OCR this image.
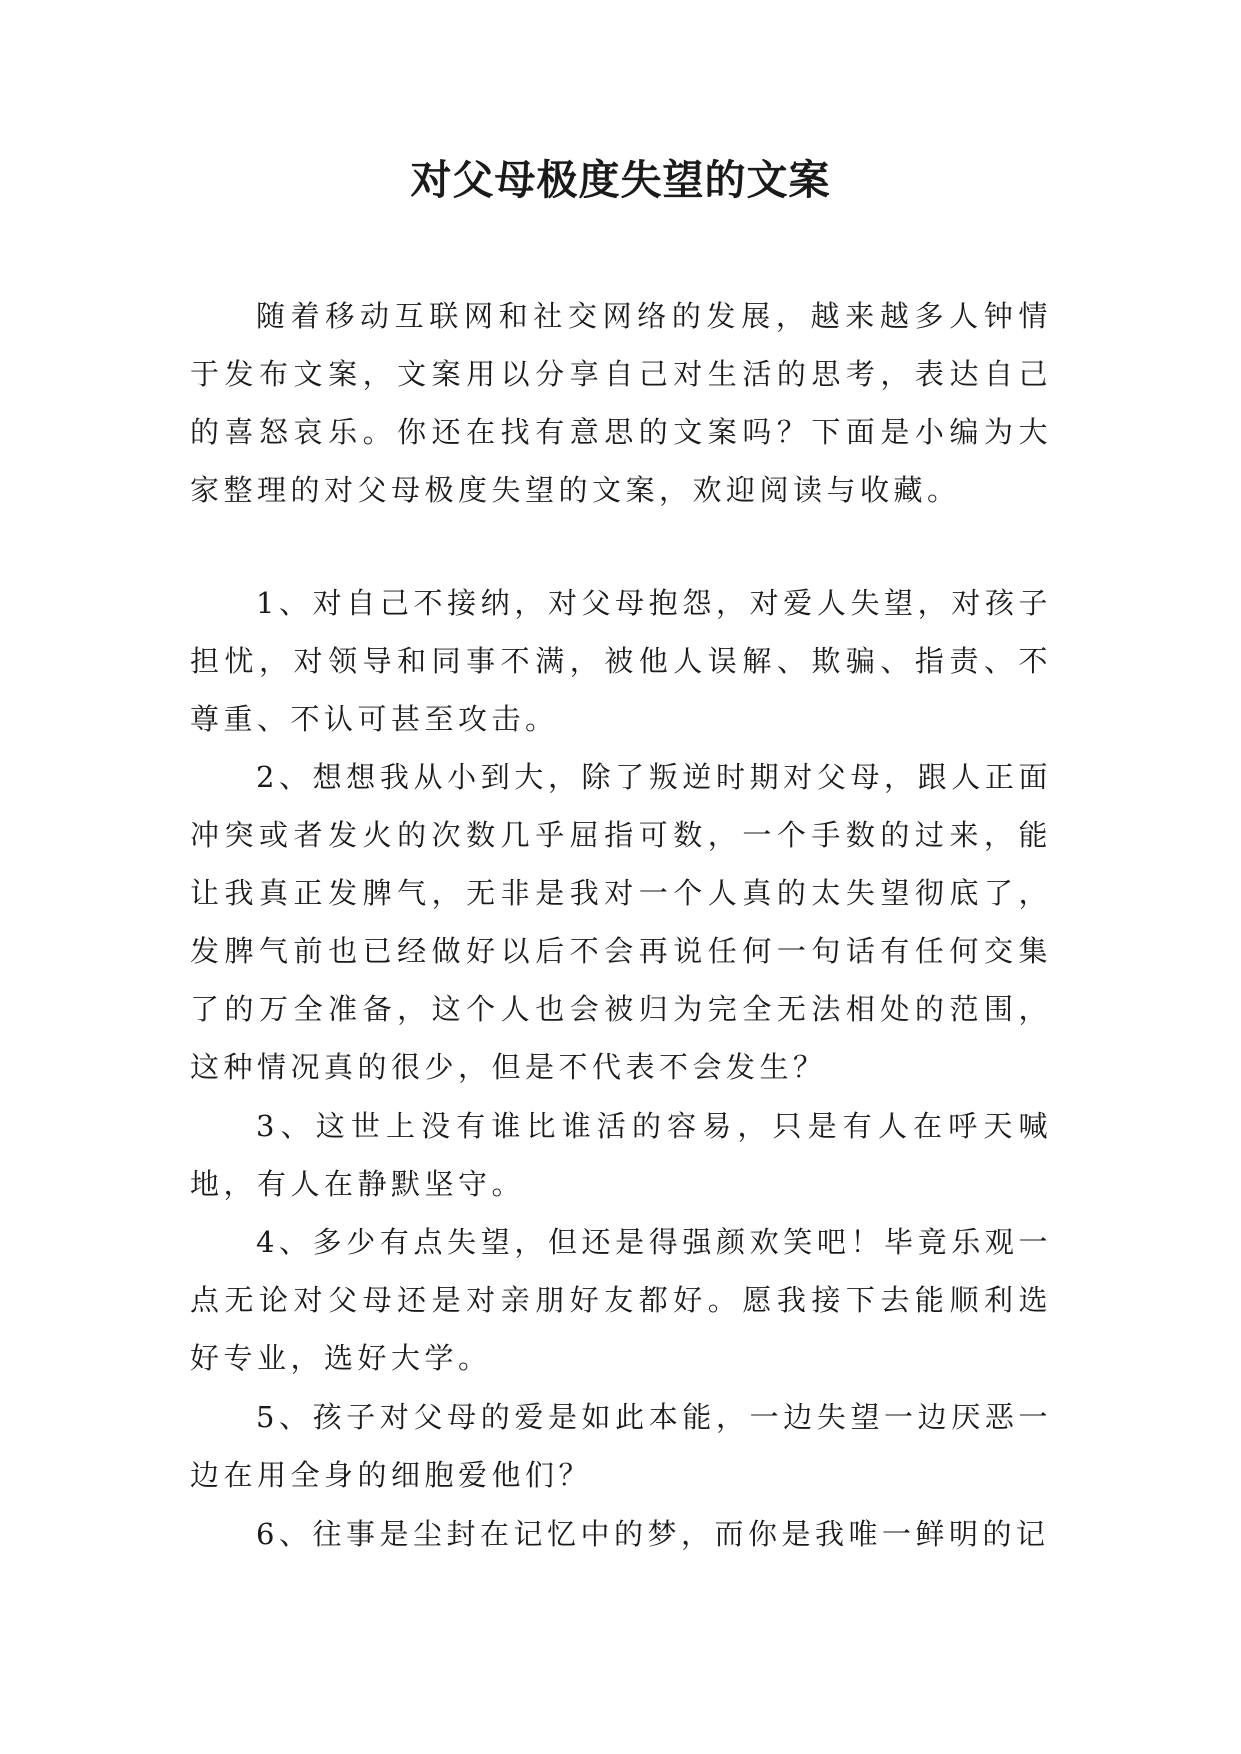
对父母极度失望的文案

随着移动互联网和社交网络的发展，越来越多人钟情于发布文案，文案用以分享自己对生活的思考，表达自己的喜怒哀乐。你还在找有意思的文案吗？下面是小编为大家整理的对父母极度失望的文案，欢迎阅读与收藏。

1、对自己不接纳，对父母抱怨，对爱人失望，对孩子担忧，对领导和同事不满，被他人误解、欺骗、指责、不尊重、不认可甚至攻击。

2、想想我从小到大，除了叛逆时期对父母，跟人正面冲突或者发火的次数几乎屈指可数，一个手数的过来，能让我真正发脾气，无非是我对一个人真的太失望彻底了，发脾气前也已经做好以后不会再说任何一句话有任何交集了的万全准备，这个人也会被归为完全无法相处的范围，这种情况真的很少，但是不代表不会发生？

3、这世上没有谁比谁活的容易，只是有人在呼天喊地，有人在静默坚守。

4、多少有点失望，但还是得强颜欢笑吧！毕竟乐观一点无论对父母还是对亲朋好友都好。愿我接下去能顺利选好专业，选好大学。

5、孩子对父母的爱是如此本能，一边失望一边厌恶一边在用全身的细胞爱他们？

6、往事是尘封在记忆中的梦，而你是我唯一鲜明的记
